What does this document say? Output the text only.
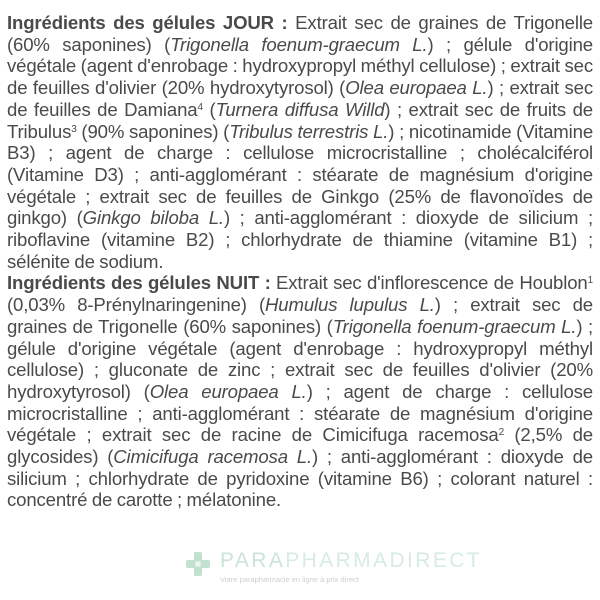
Ingrédients des gélules JOUR : Extrait sec de graines de Trigonelle (60% saponines) (Trigonella foenum-graecum L.) ; gélule d'origine végétale (agent d'enrobage : hydroxypropyl méthyl cellulose) ; extrait sec de feuilles d'olivier (20% hydroxytyrosol) (Olea europaea L.) ; extrait sec de feuilles de Damiana$^4$ (Turnera diffusa Willd) ; extrait sec de fruits de Tribulus$^3$ (90% saponines) (Tribulus terrestris L.) ; nicotinamide (Vitamine B3) ; agent de charge : cellulose microcristalline ; cholécalciférol (Vitamine D3) ; anti-agglomérant : stéarate de magnésium d'origine végétale ; extrait sec de feuilles de Ginkgo (25% de flavonoïdes de ginkgo) (Ginkgo biloba L.) ; anti-agglomérant : dioxyde de silicium ; riboflavine (vitamine B2) ; chlorhydrate de thiamine (vitamine B1) ; sélénite de sodium.

Ingrédients des gélules NUIT : Extrait sec d'inflorescence de Houblon$^1$ (0,03% 8-Prénylnaringenine) (Humulus lupulus L.) ; extrait sec de graines de Trigonelle (60% saponines) (Trigonella foenum-graecum L.) ; gélule d'origine végétale (agent d'enrobage : hydroxypropyl méthyl cellulose) ; gluconate de zinc ; extrait sec de feuilles d'olivier (20% hydroxytyrosol) (Olea europaea L.) ; agent de charge : cellulose microcristalline ; anti-agglomérant : stéarate de magnésium d'origine végétale ; extrait sec de racine de Cimicifuga racemosa$^2$ (2,5% de glycosides) (Cimicifuga racemosa L.) ; anti-agglomérant : dioxyde de silicium ; chlorhydrate de pyridoxine (vitamine B6) ; colorant naturel : concentré de carotte ; mélatonine.

PARAPHARMADIRECT
Votre parapharmacie en ligne à prix direct
